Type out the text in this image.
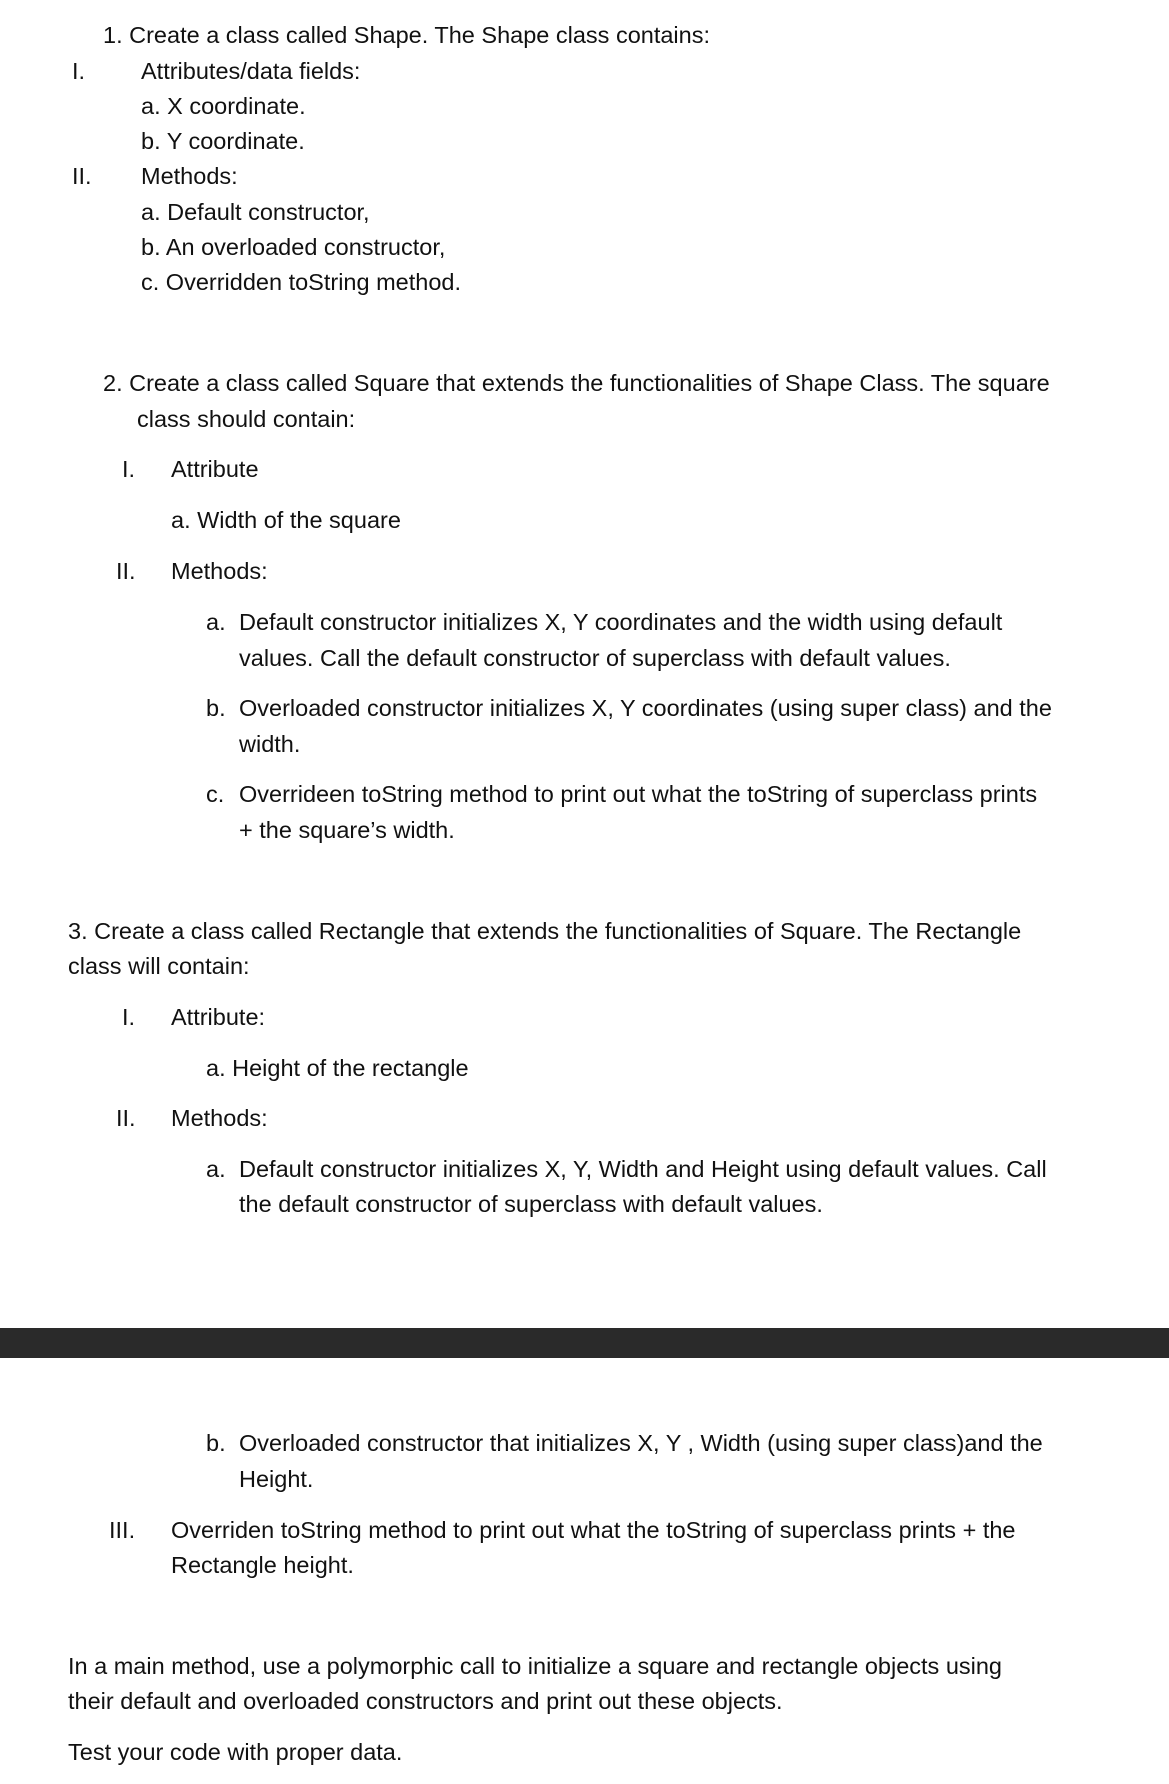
1. Create a class called Shape. The Shape class contains:
I. Attributes/data fields:
a. X coordinate.
b. Y coordinate.
II. Methods:
a. Default constructor,
b. An overloaded constructor,
c. Overridden toString method.
2. Create a class called Square that extends the functionalities of Shape Class. The square
class should contain:
I. Attribute
a. Width of the square
II. Methods:
a. Default constructor initializes X, Y coordinates and the width using default
values. Call the default constructor of superclass with default values.
b. Overloaded constructor initializes X, Y coordinates (using super class) and the
width.
c. Overrideen toString method to print out what the toString of superclass prints
+ the square’s width.
3. Create a class called Rectangle that extends the functionalities of Square. The Rectangle
class will contain:
I. Attribute:
a. Height of the rectangle
II. Methods:
a. Default constructor initializes X, Y, Width and Height using default values. Call
the default constructor of superclass with default values.
b. Overloaded constructor that initializes X, Y , Width (using super class)and the
Height.
III. Overriden toString method to print out what the toString of superclass prints + the
Rectangle height.
In a main method, use a polymorphic call to initialize a square and rectangle objects using
their default and overloaded constructors and print out these objects.
Test your code with proper data.
